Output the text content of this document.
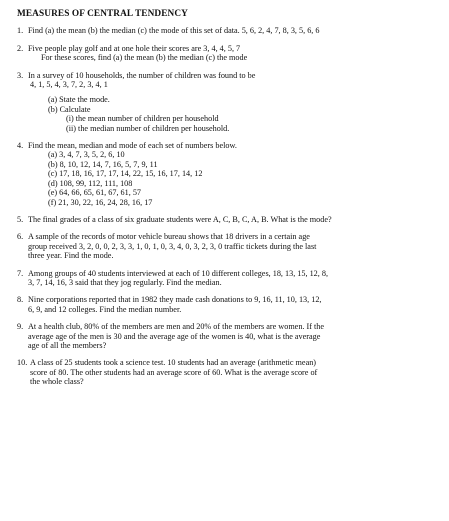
MEASURES OF CENTRAL TENDENCY
1. Find (a) the mean (b) the median (c) the mode of this set of data. 5, 6, 2, 4, 7, 8, 3, 5, 6, 6
2. Five people play golf and at one hole their scores are 3, 4, 4, 5, 7
For these scores, find (a) the mean (b) the median (c) the mode
3. In a survey of 10 households, the number of children was found to be
4, 1, 5, 4, 3, 7, 2, 3, 4, 1
(a) State the mode.
(b) Calculate
(i) the mean number of children per household
(ii) the median number of children per household.
4. Find the mean, median and mode of each set of numbers below.
(a) 3, 4, 7, 3, 5, 2, 6, 10
(b) 8, 10, 12, 14, 7, 16, 5, 7, 9, 11
(c) 17, 18, 16, 17, 17, 14, 22, 15, 16, 17, 14, 12
(d) 108, 99, 112, 111, 108
(e) 64, 66, 65, 61, 67, 61, 57
(f) 21, 30, 22, 16, 24, 28, 16, 17
5. The final grades of a class of six graduate students were A, C, B, C, A, B. What is the mode?
6. A sample of the records of motor vehicle bureau shows that 18 drivers in a certain age
group received 3, 2, 0, 0, 2, 3, 3, 1, 0, 1, 0, 3, 4, 0, 3, 2, 3, 0 traffic tickets during the last
three year. Find the mode.
7. Among groups of 40 students interviewed at each of 10 different colleges, 18, 13, 15, 12, 8,
3, 7, 14, 16, 3 said that they jog regularly. Find the median.
8. Nine corporations reported that in 1982 they made cash donations to 9, 16, 11, 10, 13, 12,
6, 9, and 12 colleges. Find the median number.
9. At a health club, 80% of the members are men and 20% of the members are women. If the
average age of the men is 30 and the average age of the women is 40, what is the average
age of all the members?
10. A class of 25 students took a science test. 10 students had an average (arithmetic mean)
score of 80. The other students had an average score of 60. What is the average score of
the whole class?
